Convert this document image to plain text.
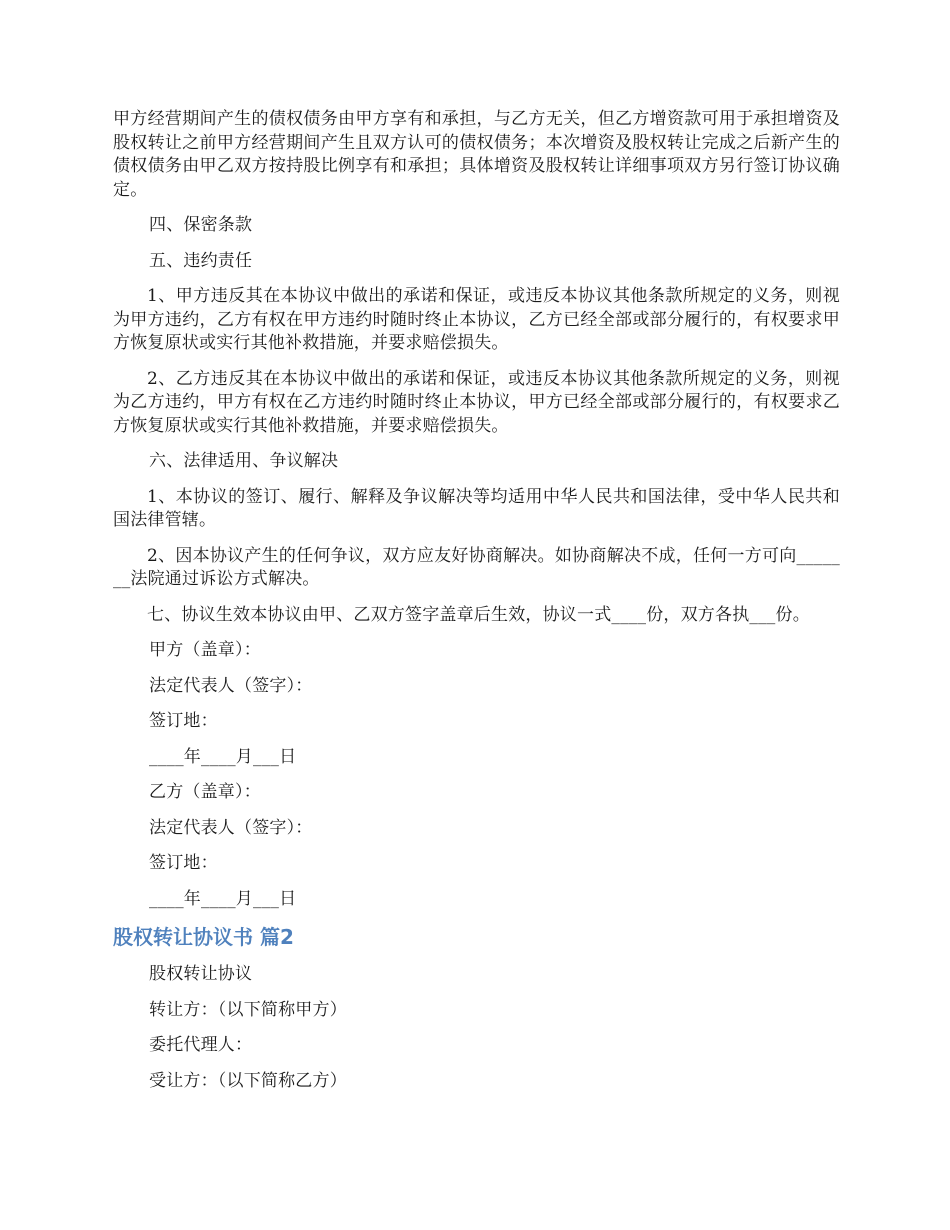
甲方经营期间产生的债权债务由甲方享有和承担，与乙方无关，但乙方增资款可用于承担增资及股权转让之前甲方经营期间产生且双方认可的债权债务；本次增资及股权转让完成之后新产生的债权债务由甲乙双方按持股比例享有和承担；具体增资及股权转让详细事项双方另行签订协议确定。

四、保密条款

五、违约责任

1、甲方违反其在本协议中做出的承诺和保证，或违反本协议其他条款所规定的义务，则视为甲方违约，乙方有权在甲方违约时随时终止本协议，乙方已经全部或部分履行的，有权要求甲方恢复原状或实行其他补救措施，并要求赔偿损失。

2、乙方违反其在本协议中做出的承诺和保证，或违反本协议其他条款所规定的义务，则视为乙方违约，甲方有权在乙方违约时随时终止本协议，甲方已经全部或部分履行的，有权要求乙方恢复原状或实行其他补救措施，并要求赔偿损失。

六、法律适用、争议解决

1、本协议的签订、履行、解释及争议解决等均适用中华人民共和国法律，受中华人民共和国法律管辖。

2、因本协议产生的任何争议，双方应友好协商解决。如协商解决不成，任何一方可向_______法院通过诉讼方式解决。

七、协议生效本协议由甲、乙双方签字盖章后生效，协议一式____份，双方各执___份。

甲方（盖章）：

法定代表人（签字）：

签订地：

____年____月___日

乙方（盖章）：

法定代表人（签字）：

签订地：

____年____月___日

股权转让协议书 篇2

股权转让协议

转让方：（以下简称甲方）

委托代理人：

受让方：（以下简称乙方）
